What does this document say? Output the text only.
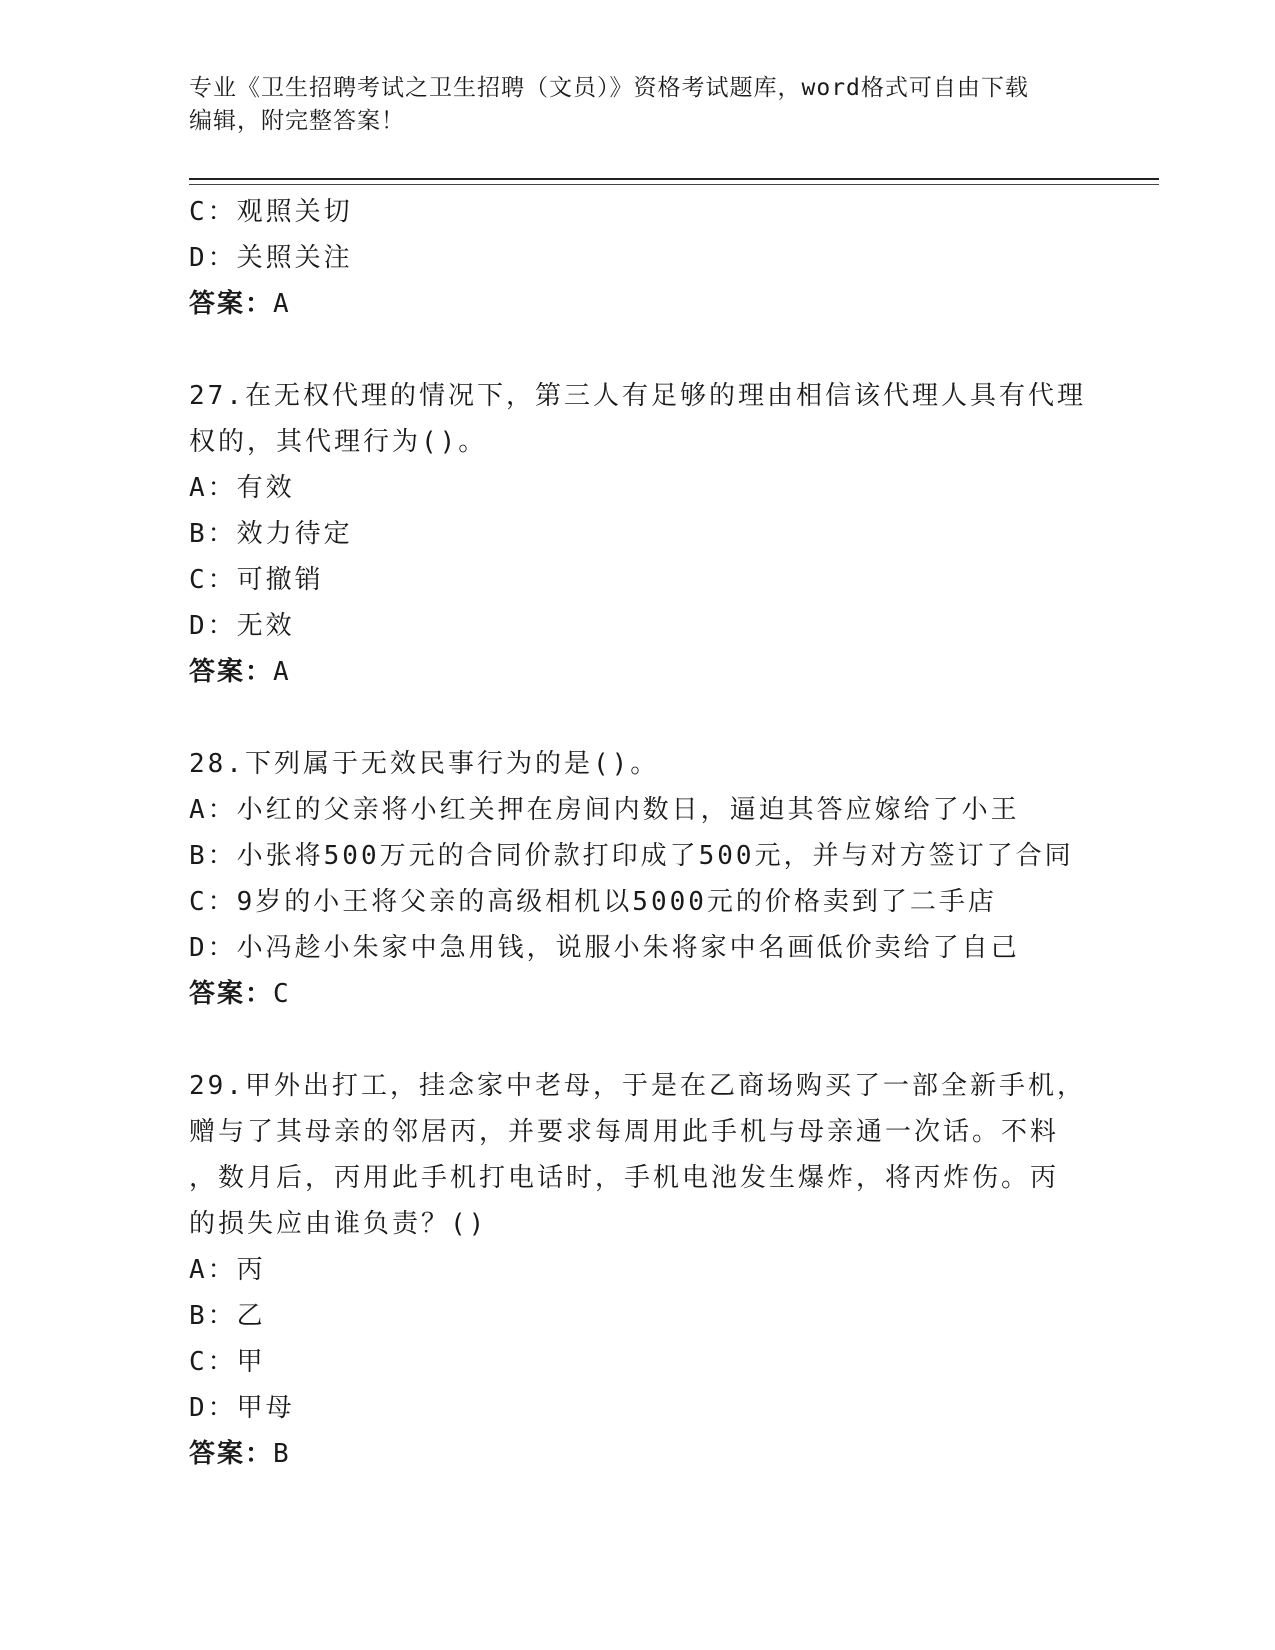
专业《卫生招聘考试之卫生招聘（文员）》资格考试题库，word格式可自由下载
编辑，附完整答案！
C：观照关切
D：关照关注
答案：A
27.在无权代理的情况下，第三人有足够的理由相信该代理人具有代理
权的，其代理行为()。
A：有效
B：效力待定
C：可撤销
D：无效
答案：A
28.下列属于无效民事行为的是()。
A：小红的父亲将小红关押在房间内数日，逼迫其答应嫁给了小王
B：小张将500万元的合同价款打印成了500元，并与对方签订了合同
C：9岁的小王将父亲的高级相机以5000元的价格卖到了二手店
D：小冯趁小朱家中急用钱，说服小朱将家中名画低价卖给了自己
答案：C
29.甲外出打工，挂念家中老母，于是在乙商场购买了一部全新手机，
赠与了其母亲的邻居丙，并要求每周用此手机与母亲通一次话。不料
，数月后，丙用此手机打电话时，手机电池发生爆炸，将丙炸伤。丙
的损失应由谁负责？()
A：丙
B：乙
C：甲
D：甲母
答案：B
